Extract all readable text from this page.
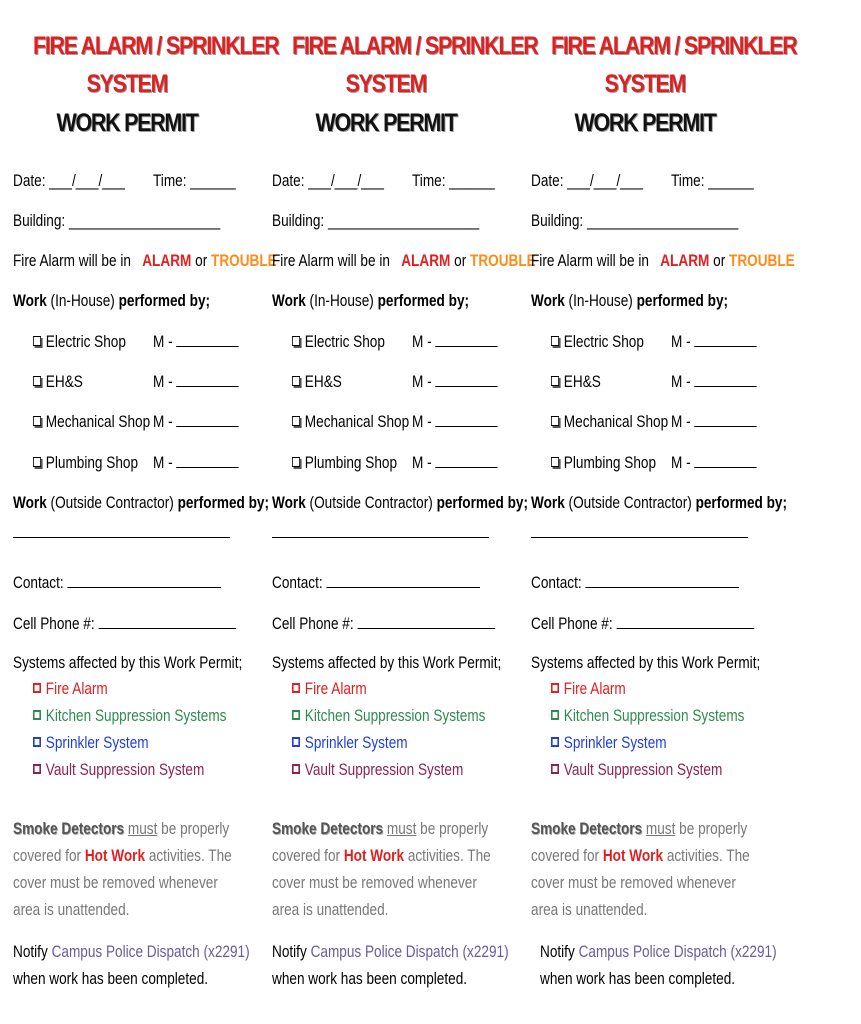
FIRE ALARM / SPRINKLER
SYSTEM
WORK PERMIT
Date: ___/___/___	Time: ______
Building: ____________________
Fire Alarm will be in ALARM or TROUBLE
Work (In-House) performed by;
Electric Shop	M -
EH&S	M -
Mechanical Shop M -
Plumbing Shop M -
Work (Outside Contractor) performed by;
Contact:
Cell Phone #:
Systems affected by this Work Permit;
Fire Alarm
Kitchen Suppression Systems
Sprinkler System
Vault Suppression System
Smoke Detectors must be properly covered for Hot Work activities. The cover must be removed whenever area is unattended.
Notify Campus Police Dispatch (x2291)
when work has been completed.
FIRE ALARM / SPRINKLER
SYSTEM
WORK PERMIT
Date: ___/___/___	Time: ______
Building: ____________________
Fire Alarm will be in ALARM or TROUBLE
Work (In-House) performed by;
Electric Shop	M -
EH&S	M -
Mechanical Shop M -
Plumbing Shop M -
Work (Outside Contractor) performed by;
Contact:
Cell Phone #:
Systems affected by this Work Permit;
Fire Alarm
Kitchen Suppression Systems
Sprinkler System
Vault Suppression System
Smoke Detectors must be properly covered for Hot Work activities. The cover must be removed whenever area is unattended.
Notify Campus Police Dispatch (x2291)
when work has been completed.
FIRE ALARM / SPRINKLER
SYSTEM
WORK PERMIT
Date: ___/___/___	Time: ______
Building: ____________________
Fire Alarm will be in ALARM or TROUBLE
Work (In-House) performed by;
Electric Shop	M -
EH&S	M -
Mechanical Shop M -
Plumbing Shop M -
Work (Outside Contractor) performed by;
Contact:
Cell Phone #:
Systems affected by this Work Permit;
Fire Alarm
Kitchen Suppression Systems
Sprinkler System
Vault Suppression System
Smoke Detectors must be properly covered for Hot Work activities. The cover must be removed whenever area is unattended.
Notify Campus Police Dispatch (x2291)
when work has been completed.
